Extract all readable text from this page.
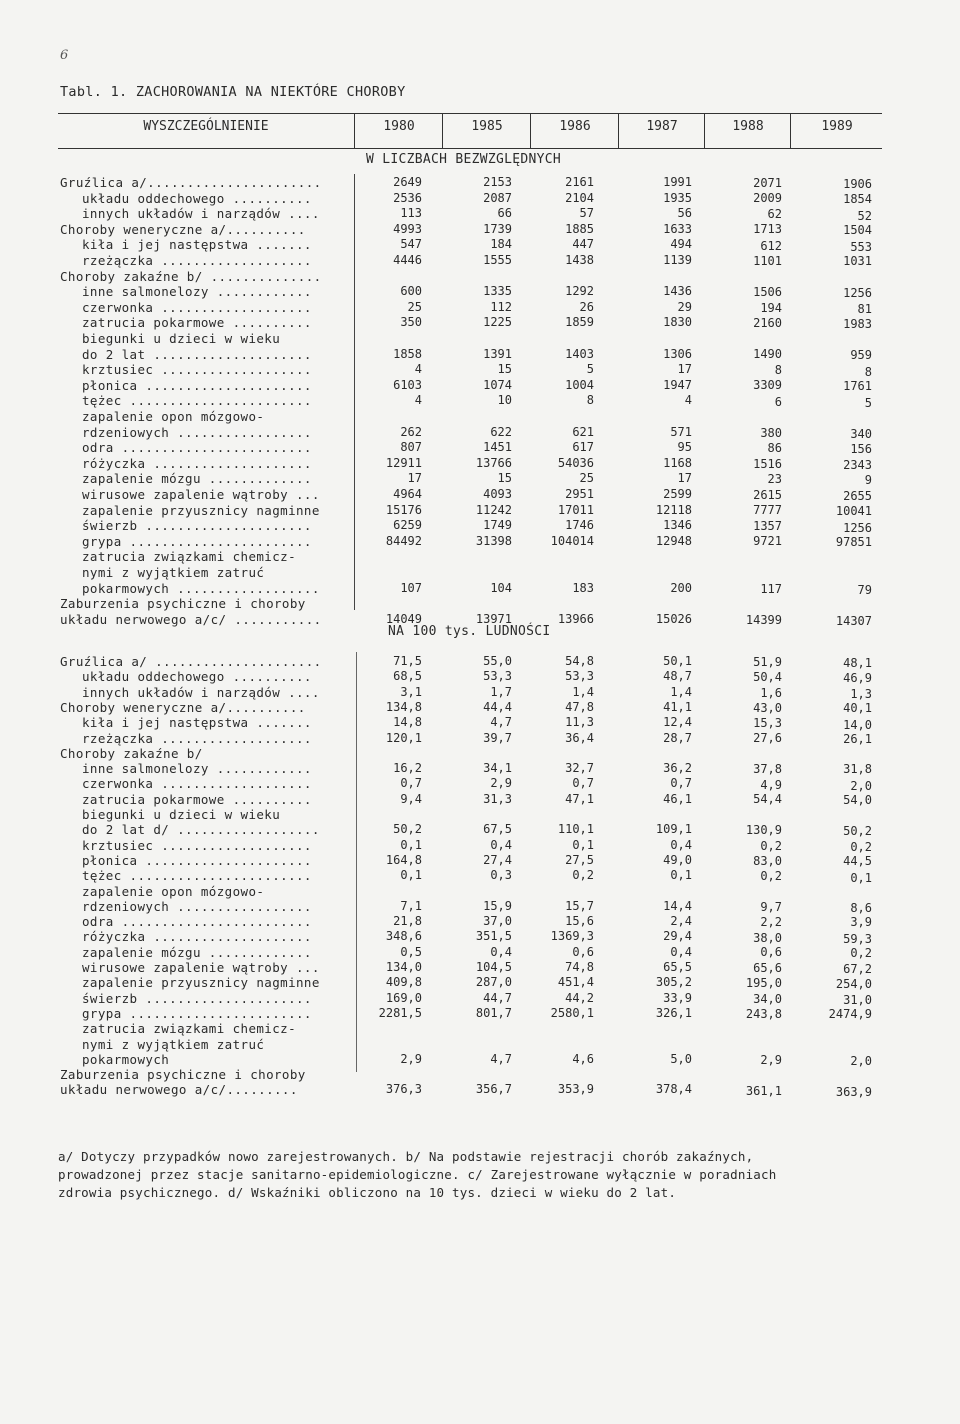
6
Tabl. 1. ZACHOROWANIA NA NIEKTÓRE CHOROBY
WYSZCZEGÓLNIENIE	1980	1985	1986	1987	1988	1989
W LICZBACH BEZWZGLĘDNYCH
NA 100 tys. LUDNOŚCI
Gruźlica a/......................	2649	2153	2161	1991	2071	1906
układu oddechowego ..........	2536	2087	2104	1935	2009	1854
innych układów i narządów ....	113	66	57	56	62	52
Choroby weneryczne a/..........	4993	1739	1885	1633	1713	1504
kiła i jej następstwa .......	547	184	447	494	612	553
rzeżączka ...................	4446	1555	1438	1139	1101	1031
Choroby zakaźne b/ ..............
inne salmonelozy ............	600	1335	1292	1436	1506	1256
czerwonka ...................	25	112	26	29	194	81
zatrucia pokarmowe ..........	350	1225	1859	1830	2160	1983
biegunki u dzieci w wieku
do 2 lat ....................	1858	1391	1403	1306	1490	959
krztusiec ...................	4	15	5	17	8	8
płonica .....................	6103	1074	1004	1947	3309	1761
tężec .......................	4	10	8	4	6	5
zapalenie opon mózgowo-
rdzeniowych .................	262	622	621	571	380	340
odra ........................	807	1451	617	95	86	156
różyczka ....................	12911	13766	54036	1168	1516	2343
zapalenie mózgu .............	17	15	25	17	23	9
wirusowe zapalenie wątroby ...	4964	4093	2951	2599	2615	2655
zapalenie przyusznicy nagminne	15176	11242	17011	12118	7777	10041
świerzb .....................	6259	1749	1746	1346	1357	1256
grypa .......................	84492	31398	104014	12948	9721	97851
zatrucia związkami chemicz-
nymi z wyjątkiem zatruć
pokarmowych ..................	107	104	183	200	117	79
Zaburzenia psychiczne i choroby
układu nerwowego a/c/ ...........	14049	13971	13966	15026	14399	14307
Gruźlica a/ .....................	71,5	55,0	54,8	50,1	51,9	48,1
układu oddechowego ..........	68,5	53,3	53,3	48,7	50,4	46,9
innych układów i narządów ....	3,1	1,7	1,4	1,4	1,6	1,3
Choroby weneryczne a/..........	134,8	44,4	47,8	41,1	43,0	40,1
kiła i jej następstwa .......	14,8	4,7	11,3	12,4	15,3	14,0
rzeżączka ...................	120,1	39,7	36,4	28,7	27,6	26,1
Choroby zakaźne b/
inne salmonelozy ............	16,2	34,1	32,7	36,2	37,8	31,8
czerwonka ...................	0,7	2,9	0,7	0,7	4,9	2,0
zatrucia pokarmowe ..........	9,4	31,3	47,1	46,1	54,4	54,0
biegunki u dzieci w wieku
do 2 lat d/ ..................	50,2	67,5	110,1	109,1	130,9	50,2
krztusiec ...................	0,1	0,4	0,1	0,4	0,2	0,2
płonica .....................	164,8	27,4	27,5	49,0	83,0	44,5
tężec .......................	0,1	0,3	0,2	0,1	0,2	0,1
zapalenie opon mózgowo-
rdzeniowych .................	7,1	15,9	15,7	14,4	9,7	8,6
odra ........................	21,8	37,0	15,6	2,4	2,2	3,9
różyczka ....................	348,6	351,5	1369,3	29,4	38,0	59,3
zapalenie mózgu .............	0,5	0,4	0,6	0,4	0,6	0,2
wirusowe zapalenie wątroby ...	134,0	104,5	74,8	65,5	65,6	67,2
zapalenie przyusznicy nagminne	409,8	287,0	451,4	305,2	195,0	254,0
świerzb .....................	169,0	44,7	44,2	33,9	34,0	31,0
grypa .......................	2281,5	801,7	2580,1	326,1	243,8	2474,9
zatrucia związkami chemicz-
nymi z wyjątkiem zatruć
pokarmowych	2,9	4,7	4,6	5,0	2,9	2,0
Zaburzenia psychiczne i choroby
układu nerwowego a/c/.........	376,3	356,7	353,9	378,4	361,1	363,9
a/ Dotyczy przypadków nowo zarejestrowanych. b/ Na podstawie rejestracji chorób zakaźnych,
prowadzonej przez stacje sanitarno-epidemiologiczne. c/ Zarejestrowane wyłącznie w poradniach
zdrowia psychicznego. d/ Wskaźniki obliczono na 10 tys. dzieci w wieku do 2 lat.
